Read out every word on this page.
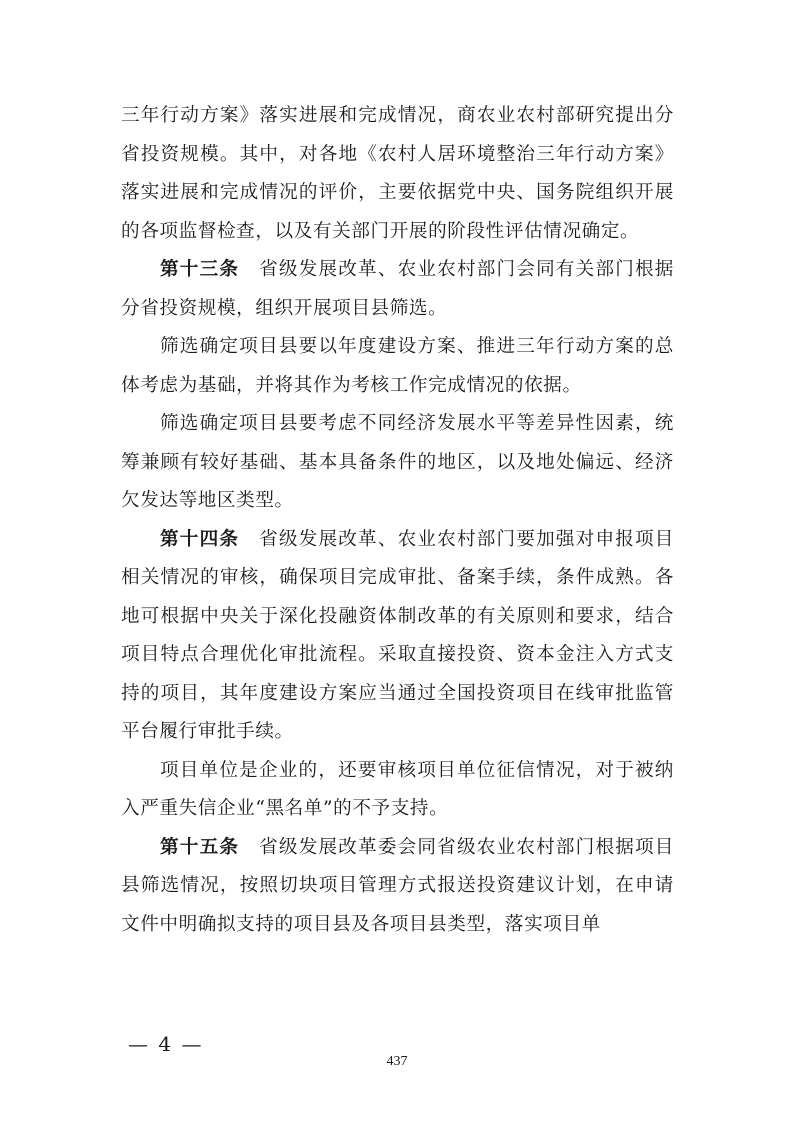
三年行动方案》落实进展和完成情况，商农业农村部研究提出分省投资规模。其中，对各地《农村人居环境整治三年行动方案》落实进展和完成情况的评价，主要依据党中央、国务院组织开展的各项监督检查，以及有关部门开展的阶段性评估情况确定。

第十三条 省级发展改革、农业农村部门会同有关部门根据分省投资规模，组织开展项目县筛选。

筛选确定项目县要以年度建设方案、推进三年行动方案的总体考虑为基础，并将其作为考核工作完成情况的依据。

筛选确定项目县要考虑不同经济发展水平等差异性因素，统筹兼顾有较好基础、基本具备条件的地区，以及地处偏远、经济欠发达等地区类型。

第十四条 省级发展改革、农业农村部门要加强对申报项目相关情况的审核，确保项目完成审批、备案手续，条件成熟。各地可根据中央关于深化投融资体制改革的有关原则和要求，结合项目特点合理优化审批流程。采取直接投资、资本金注入方式支持的项目，其年度建设方案应当通过全国投资项目在线审批监管平台履行审批手续。

项目单位是企业的，还要审核项目单位征信情况，对于被纳入严重失信企业“黑名单”的不予支持。

第十五条 省级发展改革委会同省级农业农村部门根据项目县筛选情况，按照切块项目管理方式报送投资建议计划，在申请文件中明确拟支持的项目县及各项目县类型，落实项目单

— 4 —
437
